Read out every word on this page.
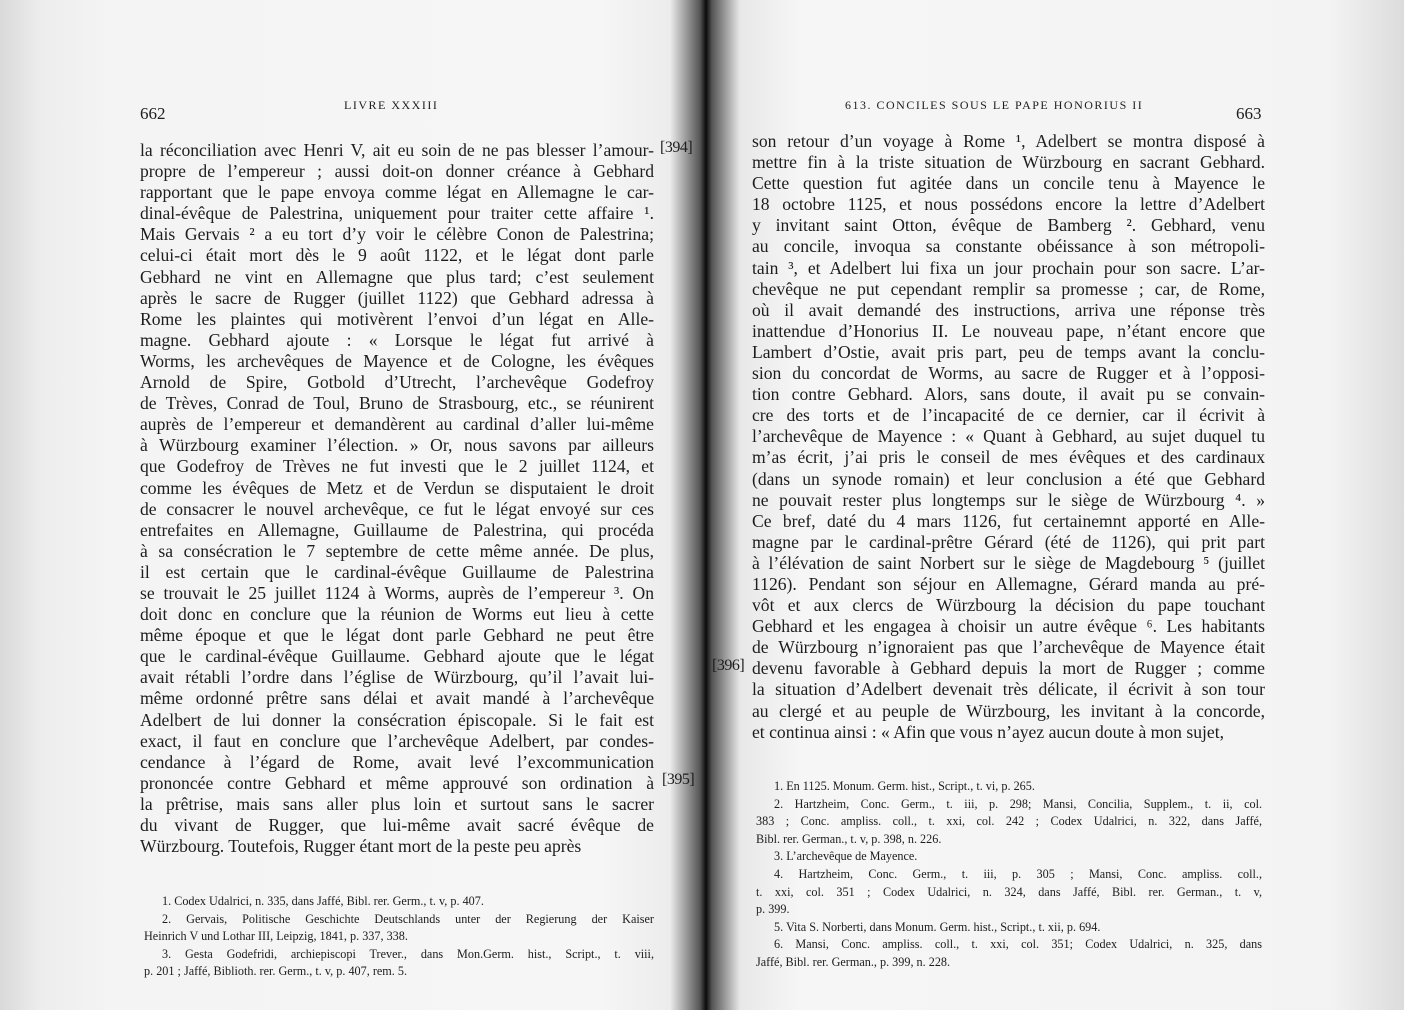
662	LIVRE XXXIII
la réconciliation avec Henri V, ait eu soin de ne pas blesser l’amour-
propre de l’empereur ; aussi doit-on donner créance à Gebhard
rapportant que le pape envoya comme légat en Allemagne le car-
dinal-évêque de Palestrina, uniquement pour traiter cette affaire ¹.
Mais Gervais ² a eu tort d’y voir le célèbre Conon de Palestrina;
celui-ci était mort dès le 9 août 1122, et le légat dont parle
Gebhard ne vint en Allemagne que plus tard; c’est seulement
après le sacre de Rugger (juillet 1122) que Gebhard adressa à
Rome les plaintes qui motivèrent l’envoi d’un légat en Alle-
magne. Gebhard ajoute : « Lorsque le légat fut arrivé à
Worms, les archevêques de Mayence et de Cologne, les évêques
Arnold de Spire, Gotbold d’Utrecht, l’archevêque Godefroy
de Trèves, Conrad de Toul, Bruno de Strasbourg, etc., se réunirent
auprès de l’empereur et demandèrent au cardinal d’aller lui-même
à Würzbourg examiner l’élection. » Or, nous savons par ailleurs
que Godefroy de Trèves ne fut investi que le 2 juillet 1124, et
comme les évêques de Metz et de Verdun se disputaient le droit
de consacrer le nouvel archevêque, ce fut le légat envoyé sur ces
entrefaites en Allemagne, Guillaume de Palestrina, qui procéda
à sa consécration le 7 septembre de cette même année. De plus,
il est certain que le cardinal-évêque Guillaume de Palestrina
se trouvait le 25 juillet 1124 à Worms, auprès de l’empereur ³. On
doit donc en conclure que la réunion de Worms eut lieu à cette
même époque et que le légat dont parle Gebhard ne peut être
que le cardinal-évêque Guillaume. Gebhard ajoute que le légat
avait rétabli l’ordre dans l’église de Würzbourg, qu’il l’avait lui-
même ordonné prêtre sans délai et avait mandé à l’archevêque
Adelbert de lui donner la consécration épiscopale. Si le fait est
exact, il faut en conclure que l’archevêque Adelbert, par condes-
cendance à l’égard de Rome, avait levé l’excommunication
prononcée contre Gebhard et même approuvé son ordination à
la prêtrise, mais sans aller plus loin et surtout sans le sacrer
du vivant de Rugger, que lui-même avait sacré évêque de
Würzbourg. Toutefois, Rugger étant mort de la peste peu après
[394]
[395]
1. Codex Udalrici, n. 335, dans Jaffé, Bibl. rer. Germ., t. v, p. 407.
2. Gervais, Politische Geschichte Deutschlands unter der Regierung der Kaiser
Heinrich V und Lothar III, Leipzig, 1841, p. 337, 338.
3. Gesta Godefridi, archiepiscopi Trever., dans Mon.Germ. hist., Script., t. viii,
p. 201 ; Jaffé, Biblioth. rer. Germ., t. v, p. 407, rem. 5.
613. CONCILES SOUS LE PAPE HONORIUS II	663
son retour d’un voyage à Rome ¹, Adelbert se montra disposé à
mettre fin à la triste situation de Würzbourg en sacrant Gebhard.
Cette question fut agitée dans un concile tenu à Mayence le
18 octobre 1125, et nous possédons encore la lettre d’Adelbert
y invitant saint Otton, évêque de Bamberg ². Gebhard, venu
au concile, invoqua sa constante obéissance à son métropoli-
tain ³, et Adelbert lui fixa un jour prochain pour son sacre. L’ar-
chevêque ne put cependant remplir sa promesse ; car, de Rome,
où il avait demandé des instructions, arriva une réponse très
inattendue d’Honorius II. Le nouveau pape, n’étant encore que
Lambert d’Ostie, avait pris part, peu de temps avant la conclu-
sion du concordat de Worms, au sacre de Rugger et à l’opposi-
tion contre Gebhard. Alors, sans doute, il avait pu se convain-
cre des torts et de l’incapacité de ce dernier, car il écrivit à
l’archevêque de Mayence : « Quant à Gebhard, au sujet duquel tu
m’as écrit, j’ai pris le conseil de mes évêques et des cardinaux
(dans un synode romain) et leur conclusion a été que Gebhard
ne pouvait rester plus longtemps sur le siège de Würzbourg ⁴. »
Ce bref, daté du 4 mars 1126, fut certainemnt apporté en Alle-
magne par le cardinal-prêtre Gérard (été de 1126), qui prit part
à l’élévation de saint Norbert sur le siège de Magdebourg ⁵ (juillet
1126). Pendant son séjour en Allemagne, Gérard manda au pré-
vôt et aux clercs de Würzbourg la décision du pape touchant
Gebhard et les engagea à choisir un autre évêque ⁶. Les habitants
de Würzbourg n’ignoraient pas que l’archevêque de Mayence était
devenu favorable à Gebhard depuis la mort de Rugger ; comme
la situation d’Adelbert devenait très délicate, il écrivit à son tour
au clergé et au peuple de Würzbourg, les invitant à la concorde,
et continua ainsi : « Afin que vous n’ayez aucun doute à mon sujet,
[396]
1. En 1125. Monum. Germ. hist., Script., t. vi, p. 265.
2. Hartzheim, Conc. Germ., t. iii, p. 298; Mansi, Concilia, Supplem., t. ii, col.
383 ; Conc. ampliss. coll., t. xxi, col. 242 ; Codex Udalrici, n. 322, dans Jaffé,
Bibl. rer. German., t. v, p. 398, n. 226.
3. L’archevêque de Mayence.
4. Hartzheim, Conc. Germ., t. iii, p. 305 ; Mansi, Conc. ampliss. coll.,
t. xxi, col. 351 ; Codex Udalrici, n. 324, dans Jaffé, Bibl. rer. German., t. v,
p. 399.
5. Vita S. Norberti, dans Monum. Germ. hist., Script., t. xii, p. 694.
6. Mansi, Conc. ampliss. coll., t. xxi, col. 351; Codex Udalrici, n. 325, dans
Jaffé, Bibl. rer. German., p. 399, n. 228.
